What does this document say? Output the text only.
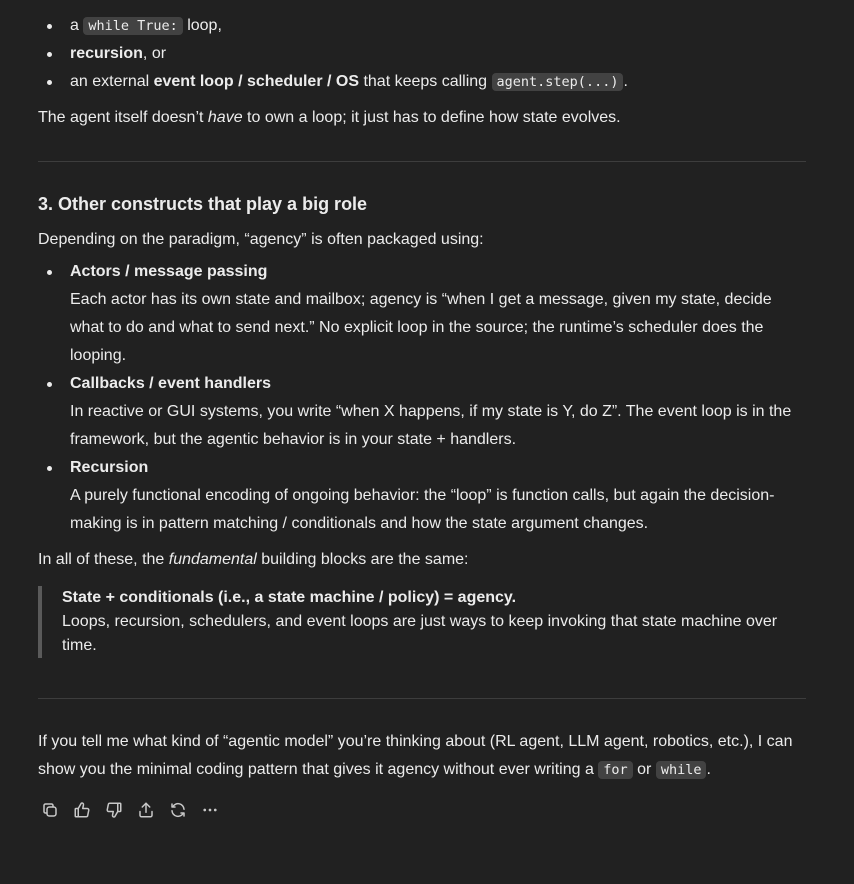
a while True: loop,
recursion, or
an external event loop / scheduler / OS that keeps calling agent.step(...) .

The agent itself doesn’t have to own a loop; it just has to define how state evolves.

3. Other constructs that play a big role

Depending on the paradigm, “agency” is often packaged using:

Actors / message passing
Each actor has its own state and mailbox; agency is “when I get a message, given my state, decide what to do and what to send next.” No explicit loop in the source; the runtime’s scheduler does the looping.
Callbacks / event handlers
In reactive or GUI systems, you write “when X happens, if my state is Y, do Z”. The event loop is in the framework, but the agentic behavior is in your state + handlers.
Recursion
A purely functional encoding of ongoing behavior: the “loop” is function calls, but again the decision-making is in pattern matching / conditionals and how the state argument changes.

In all of these, the fundamental building blocks are the same:

State + conditionals (i.e., a state machine / policy) = agency.
Loops, recursion, schedulers, and event loops are just ways to keep invoking that state machine over time.

If you tell me what kind of “agentic model” you’re thinking about (RL agent, LLM agent, robotics, etc.), I can show you the minimal coding pattern that gives it agency without ever writing a for or while .
